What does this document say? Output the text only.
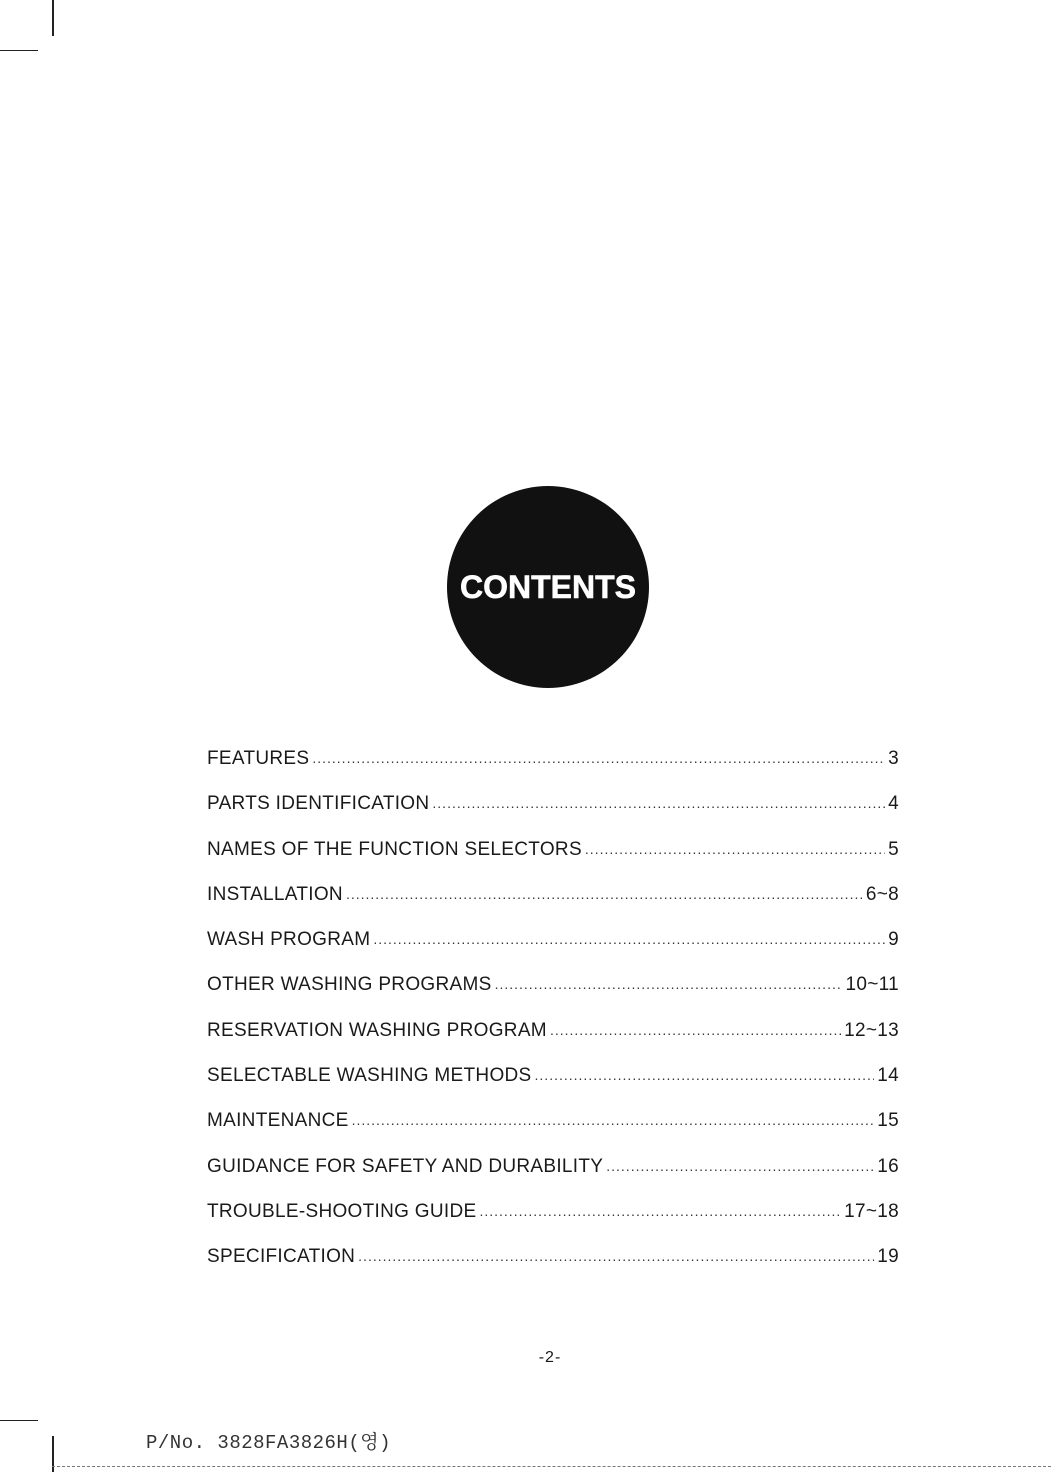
CONTENTS
FEATURES .....	3
PARTS IDENTIFICATION .....	4
NAMES OF THE FUNCTION SELECTORS .....	5
INSTALLATION .....	6~8
WASH PROGRAM .....	9
OTHER WASHING PROGRAMS .....	10~11
RESERVATION WASHING PROGRAM .....	12~13
SELECTABLE WASHING METHODS .....	14
MAINTENANCE .....	15
GUIDANCE FOR SAFETY AND DURABILITY .....	16
TROUBLE-SHOOTING GUIDE .....	17~18
SPECIFICATION .....	19
-2-
P/No. 3828FA3826H(영)
